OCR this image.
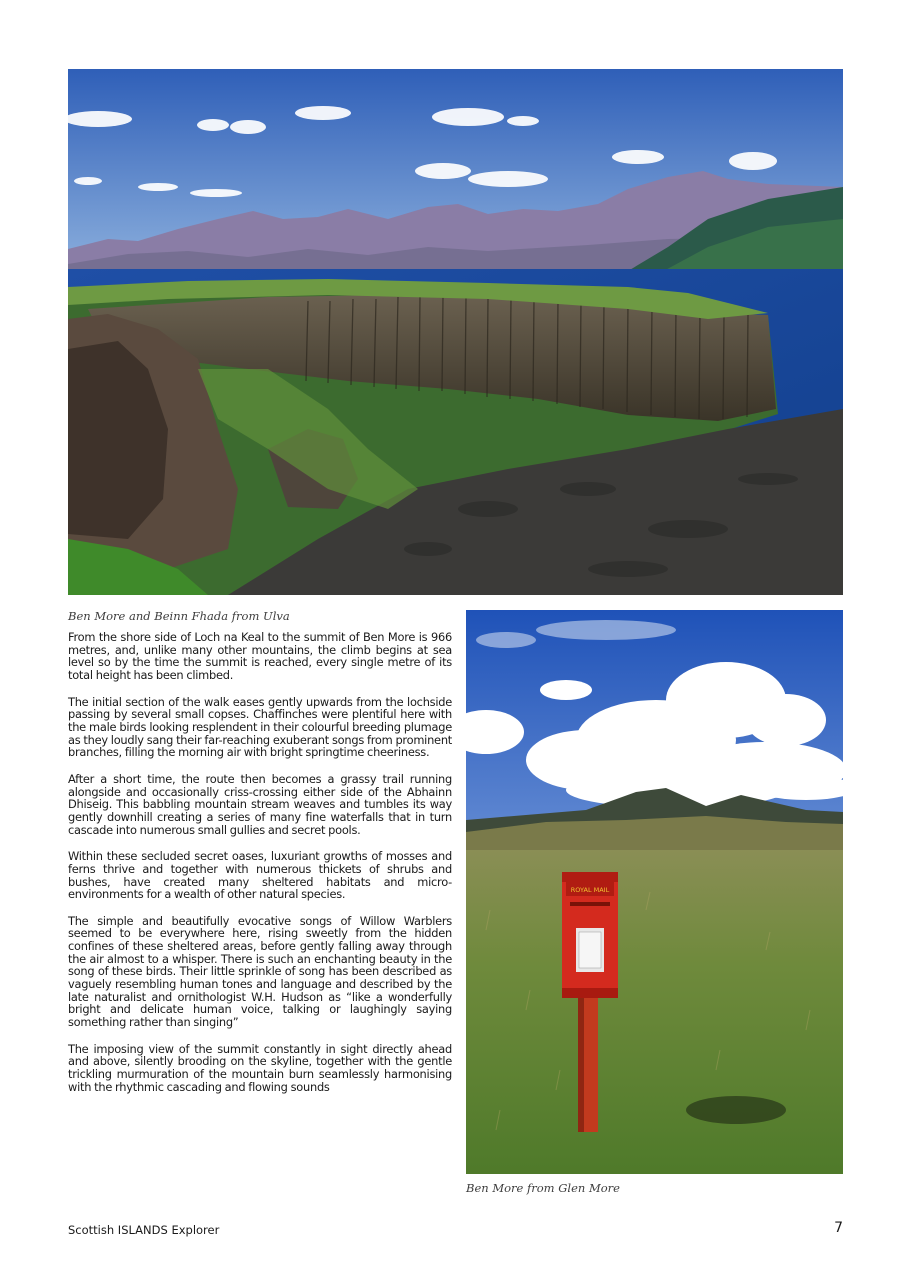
Ben More and Beinn Fhada from Ulva
ROYAL MAIL
Ben More from Glen More

From the shore side of Loch na Keal to the summit of Ben More is 966 metres, and, unlike many other mountains, the climb begins at sea level so by the time the summit is reached, every single metre of its total height has been climbed.

The initial section of the walk eases gently upwards from the lochside passing by several small copses. Chaffinches were plentiful here with the male birds looking resplendent in their colourful breeding plumage as they loudly sang their far-reaching exuberant songs from prominent branches, filling the morning air with bright springtime cheeriness.

After a short time, the route then becomes a grassy trail running alongside and occasionally criss-crossing either side of the Abhainn Dhiseig. This babbling mountain stream weaves and tumbles its way gently downhill creating a series of many fine waterfalls that in turn cascade into numerous small gullies and secret pools.

Within these secluded secret oases, luxuriant growths of mosses and ferns thrive and together with numerous thickets of shrubs and bushes, have created many sheltered habitats and micro-environments for a wealth of other natural species.

The simple and beautifully evocative songs of Willow Warblers seemed to be everywhere here, rising sweetly from the hidden confines of these sheltered areas, before gently falling away through the air almost to a whisper. There is such an enchanting beauty in the song of these birds. Their little sprinkle of song has been described as vaguely resembling human tones and language and described by the late naturalist and ornithologist W.H. Hudson as “like a wonderfully bright and delicate human voice, talking or laughingly saying something rather than singing”

The imposing view of the summit constantly in sight directly ahead and above, silently brooding on the skyline, together with the gentle trickling murmuration of the mountain burn seamlessly harmonising with the rhythmic cascading and flowing sounds

Scottish ISLANDS Explorer	7
